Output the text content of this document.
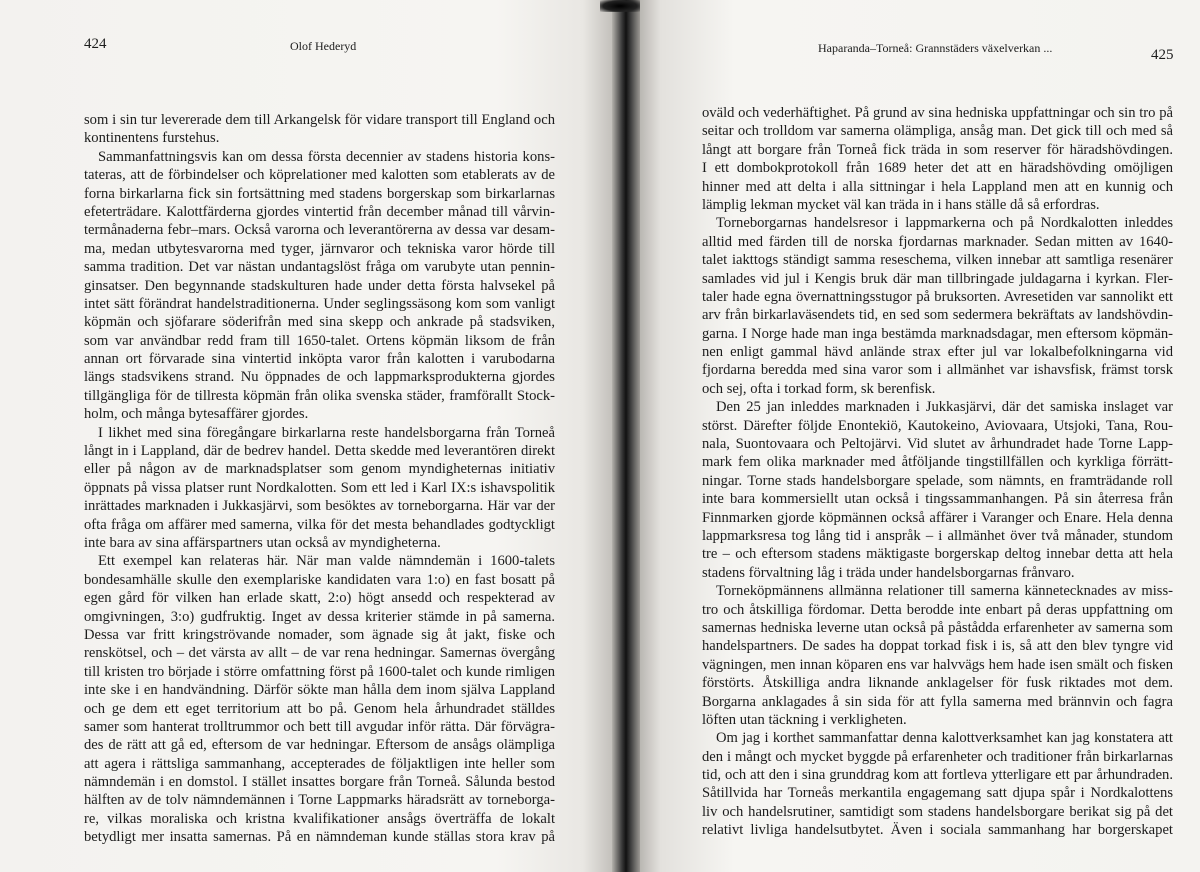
424	Olof Hederyd
som i sin tur levererade dem till Arkangelsk för vidare transport till England och
kontinentens furstehus.
Sammanfattningsvis kan om dessa första decennier av stadens historia kons-
tateras, att de förbindelser och köprelationer med kalotten som etablerats av de
forna birkarlarna fick sin fortsättning med stadens borgerskap som birkarlarnas
efeterträdare. Kalottfärderna gjordes vintertid från december månad till vårvin-
termånaderna febr–mars. Också varorna och leverantörerna av dessa var desam-
ma, medan utbytesvarorna med tyger, järnvaror och tekniska varor hörde till
samma tradition. Det var nästan undantagslöst fråga om varubyte utan pennin-
ginsatser. Den begynnande stadskulturen hade under detta första halvsekel på
intet sätt förändrat handelstraditionerna. Under seglingssäsong kom som vanligt
köpmän och sjöfarare söderifrån med sina skepp och ankrade på stadsviken,
som var användbar redd fram till 1650-talet. Ortens köpmän liksom de från
annan ort förvarade sina vintertid inköpta varor från kalotten i varubodarna
längs stadsvikens strand. Nu öppnades de och lappmarksprodukterna gjordes
tillgängliga för de tillresta köpmän från olika svenska städer, framförallt Stock-
holm, och många bytesaffärer gjordes.
I likhet med sina föregångare birkarlarna reste handelsborgarna från Torneå
långt in i Lappland, där de bedrev handel. Detta skedde med leverantören direkt
eller på någon av de marknadsplatser som genom myndigheternas initiativ
öppnats på vissa platser runt Nordkalotten. Som ett led i Karl IX:s ishavspolitik
inrättades marknaden i Jukkasjärvi, som besöktes av torneborgarna. Här var der
ofta fråga om affärer med samerna, vilka för det mesta behandlades godtyckligt
inte bara av sina affärspartners utan också av myndigheterna.
Ett exempel kan relateras här. När man valde nämndemän i 1600-talets
bondesamhälle skulle den exemplariske kandidaten vara 1:o) en fast bosatt på
egen gård för vilken han erlade skatt, 2:o) högt ansedd och respekterad av
omgivningen, 3:o) gudfruktig. Inget av dessa kriterier stämde in på samerna.
Dessa var fritt kringströvande nomader, som ägnade sig åt jakt, fiske och
renskötsel, och – det värsta av allt – de var rena hedningar. Samernas övergång
till kristen tro började i större omfattning först på 1600-talet och kunde rimligen
inte ske i en handvändning. Därför sökte man hålla dem inom själva Lappland
och ge dem ett eget territorium att bo på. Genom hela århundradet ställdes
samer som hanterat trolltrummor och bett till avgudar inför rätta. Där förvägra-
des de rätt att gå ed, eftersom de var hedningar. Eftersom de ansågs olämpliga
att agera i rättsliga sammanhang, accepterades de följaktligen inte heller som
nämndemän i en domstol. I stället insattes borgare från Torneå. Sålunda bestod
hälften av de tolv nämndemännen i Torne Lappmarks häradsrätt av torneborga-
re, vilkas moraliska och kristna kvalifikationer ansågs överträffa de lokalt
betydligt mer insatta samernas. På en nämndeman kunde ställas stora krav på
Haparanda–Torneå: Grannstäders växelverkan ...	425
oväld och vederhäftighet. På grund av sina hedniska uppfattningar och sin tro på
seitar och trolldom var samerna olämpliga, ansåg man. Det gick till och med så
långt att borgare från Torneå fick träda in som reserver för häradshövdingen.
I ett dombokprotokoll från 1689 heter det att en häradshövding omöjligen
hinner med att delta i alla sittningar i hela Lappland men att en kunnig och
lämplig lekman mycket väl kan träda in i hans ställe då så erfordras.
Torneborgarnas handelsresor i lappmarkerna och på Nordkalotten inleddes
alltid med färden till de norska fjordarnas marknader. Sedan mitten av 1640-
talet iakttogs ständigt samma reseschema, vilken innebar att samtliga resenärer
samlades vid jul i Kengis bruk där man tillbringade juldagarna i kyrkan. Fler-
taler hade egna övernattningsstugor på bruksorten. Avresetiden var sannolikt ett
arv från birkarlaväsendets tid, en sed som sedermera bekräftats av landshövdin-
garna. I Norge hade man inga bestämda marknadsdagar, men eftersom köpmän-
nen enligt gammal hävd anlände strax efter jul var lokalbefolkningarna vid
fjordarna beredda med sina varor som i allmänhet var ishavsfisk, främst torsk
och sej, ofta i torkad form, sk berenfisk.
Den 25 jan inleddes marknaden i Jukkasjärvi, där det samiska inslaget var
störst. Därefter följde Enontekiö, Kautokeino, Aviovaara, Utsjoki, Tana, Rou-
nala, Suontovaara och Peltojärvi. Vid slutet av århundradet hade Torne Lapp-
mark fem olika marknader med åtföljande tingstillfällen och kyrkliga förrätt-
ningar. Torne stads handelsborgare spelade, som nämnts, en framträdande roll
inte bara kommersiellt utan också i tingssammanhangen. På sin återresa från
Finnmarken gjorde köpmännen också affärer i Varanger och Enare. Hela denna
lappmarksresa tog lång tid i anspråk – i allmänhet över två månader, stundom
tre – och eftersom stadens mäktigaste borgerskap deltog innebar detta att hela
stadens förvaltning låg i träda under handelsborgarnas frånvaro.
Torneköpmännens allmänna relationer till samerna kännetecknades av miss-
tro och åtskilliga fördomar. Detta berodde inte enbart på deras uppfattning om
samernas hedniska leverne utan också på påstådda erfarenheter av samerna som
handelspartners. De sades ha doppat torkad fisk i is, så att den blev tyngre vid
vägningen, men innan köparen ens var halvvägs hem hade isen smält och fisken
förstörts. Åtskilliga andra liknande anklagelser för fusk riktades mot dem.
Borgarna anklagades å sin sida för att fylla samerna med brännvin och fagra
löften utan täckning i verkligheten.
Om jag i korthet sammanfattar denna kalottverksamhet kan jag konstatera att
den i mångt och mycket byggde på erfarenheter och traditioner från birkarlarnas
tid, och att den i sina grunddrag kom att fortleva ytterligare ett par århundraden.
Såtillvida har Torneås merkantila engagemang satt djupa spår i Nordkalottens
liv och handelsrutiner, samtidigt som stadens handelsborgare berikat sig på det
relativt livliga handelsutbytet. Även i sociala sammanhang har borgerskapet
